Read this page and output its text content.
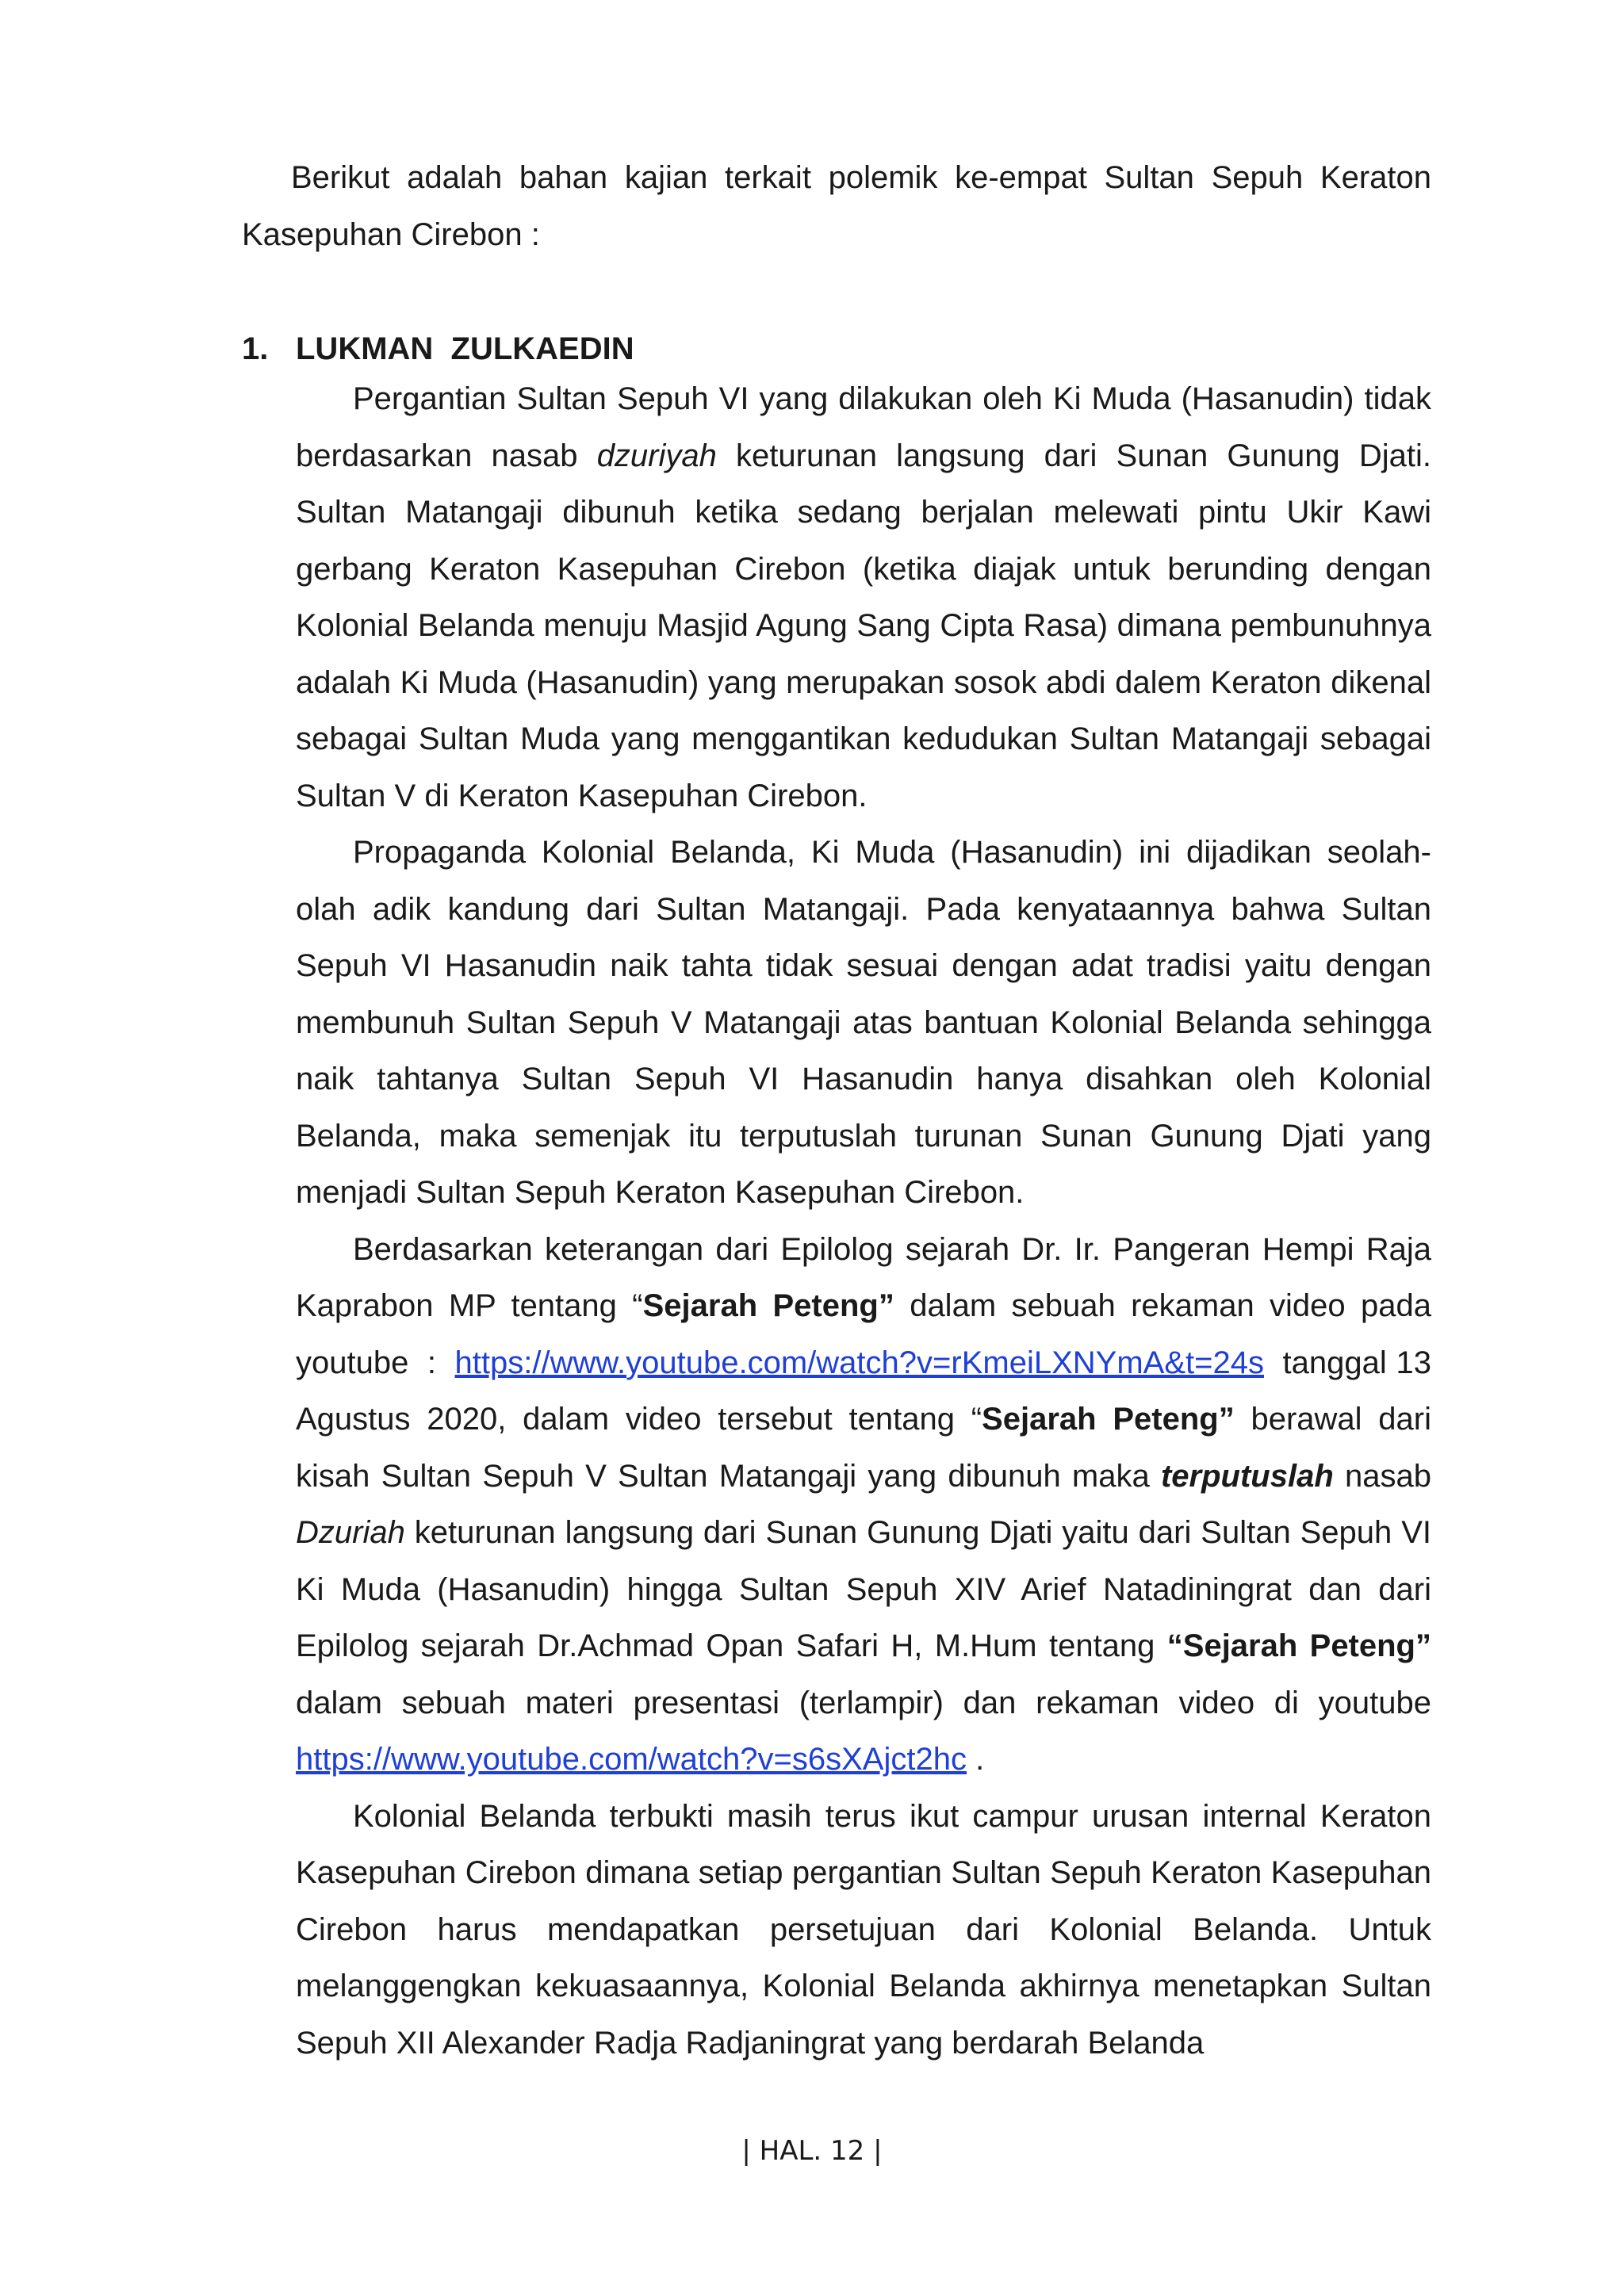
Berikut adalah bahan kajian terkait polemik ke-empat Sultan Sepuh Keraton Kasepuhan Cirebon :

1. LUKMAN  ZULKAEDIN

Pergantian Sultan Sepuh VI yang dilakukan oleh Ki Muda (Hasanudin) tidak berdasarkan nasab dzuriyah keturunan langsung dari Sunan Gunung Djati. Sultan Matangaji dibunuh ketika sedang berjalan melewati pintu Ukir Kawi gerbang Keraton Kasepuhan Cirebon (ketika diajak untuk berunding dengan Kolonial Belanda menuju Masjid Agung Sang Cipta Rasa) dimana pembunuhnya adalah Ki Muda (Hasanudin) yang merupakan sosok abdi dalem Keraton dikenal sebagai Sultan Muda yang menggantikan kedudukan Sultan Matangaji sebagai Sultan V di Keraton Kasepuhan Cirebon.

Propaganda Kolonial Belanda, Ki Muda (Hasanudin) ini dijadikan seolah-olah adik kandung dari Sultan Matangaji. Pada kenyataannya bahwa Sultan Sepuh VI Hasanudin naik tahta tidak sesuai dengan adat tradisi yaitu dengan membunuh Sultan Sepuh V Matangaji atas bantuan Kolonial Belanda sehingga naik tahtanya Sultan Sepuh VI Hasanudin hanya disahkan oleh Kolonial Belanda, maka semenjak itu terputuslah turunan Sunan Gunung Djati yang menjadi Sultan Sepuh Keraton Kasepuhan Cirebon.

Berdasarkan keterangan dari Epilolog sejarah Dr. Ir. Pangeran Hempi Raja Kaprabon MP tentang “Sejarah Peteng” dalam sebuah rekaman video pada youtube  :  https://www.youtube.com/watch?v=rKmeiLXNYmA&t=24s  tanggal 13 Agustus 2020, dalam video tersebut tentang “Sejarah Peteng” berawal dari kisah Sultan Sepuh V Sultan Matangaji yang dibunuh maka terputuslah nasab Dzuriah keturunan langsung dari Sunan Gunung Djati yaitu dari Sultan Sepuh VI Ki Muda (Hasanudin) hingga Sultan Sepuh XIV Arief Natadiningrat dan dari Epilolog sejarah Dr.Achmad Opan Safari H, M.Hum tentang “Sejarah Peteng” dalam sebuah materi presentasi (terlampir) dan rekaman video di youtube https://www.youtube.com/watch?v=s6sXAjct2hc .

Kolonial Belanda terbukti masih terus ikut campur urusan internal Keraton Kasepuhan Cirebon dimana setiap pergantian Sultan Sepuh Keraton Kasepuhan Cirebon harus mendapatkan persetujuan dari Kolonial Belanda. Untuk melanggengkan kekuasaannya, Kolonial Belanda akhirnya menetapkan Sultan Sepuh XII Alexander Radja Radjaningrat yang berdarah Belanda

| HAL. 12 |
